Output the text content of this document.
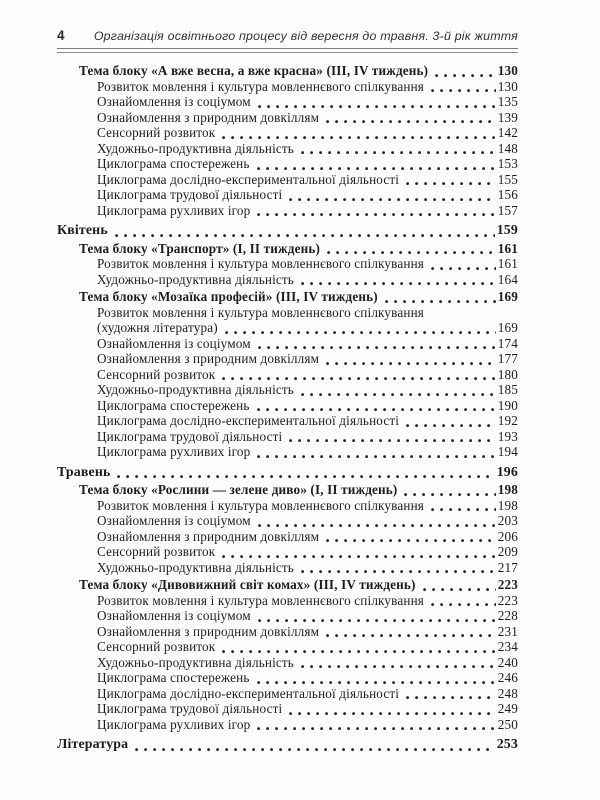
4	Організація освітнього процесу від вересня до травня. 3-й рік життя
Тема блоку «А вже весна, а вже красна» (III, IV тиждень)	130
Розвиток мовлення і культура мовленнєвого спілкування	130
Ознайомлення із соціумом	135
Ознайомлення з природним довкіллям	139
Сенсорний розвиток	142
Художньо-продуктивна діяльність	148
Циклограма спостережень	153
Циклограма дослідно-експериментальної діяльності	155
Циклограма трудової діяльності	156
Циклограма рухливих ігор	157
Квітень	159
Тема блоку «Транспорт» (I, II тиждень)	161
Розвиток мовлення і культура мовленнєвого спілкування	161
Художньо-продуктивна діяльність	164
Тема блоку «Мозаїка професій» (III, IV тиждень)	169
Розвиток мовлення і культура мовленнєвого спілкування
(художня література)	169
Ознайомлення із соціумом	174
Ознайомлення з природним довкіллям	177
Сенсорний розвиток	180
Художньо-продуктивна діяльність	185
Циклограма спостережень	190
Циклограма дослідно-експериментальної діяльності	192
Циклограма трудової діяльності	193
Циклограма рухливих ігор	194
Травень	196
Тема блоку «Рослини — зелене диво» (I, II тиждень)	198
Розвиток мовлення і культура мовленнєвого спілкування	198
Ознайомлення із соціумом	203
Ознайомлення з природним довкіллям	206
Сенсорний розвиток	209
Художньо-продуктивна діяльність	217
Тема блоку «Дивовижний світ комах» (III, IV тиждень)	223
Розвиток мовлення і культура мовленнєвого спілкування	223
Ознайомлення із соціумом	228
Ознайомлення з природним довкіллям	231
Сенсорний розвиток	234
Художньо-продуктивна діяльність	240
Циклограма спостережень	246
Циклограма дослідно-експериментальної діяльності	248
Циклограма трудової діяльності	249
Циклограма рухливих ігор	250
Література	253
